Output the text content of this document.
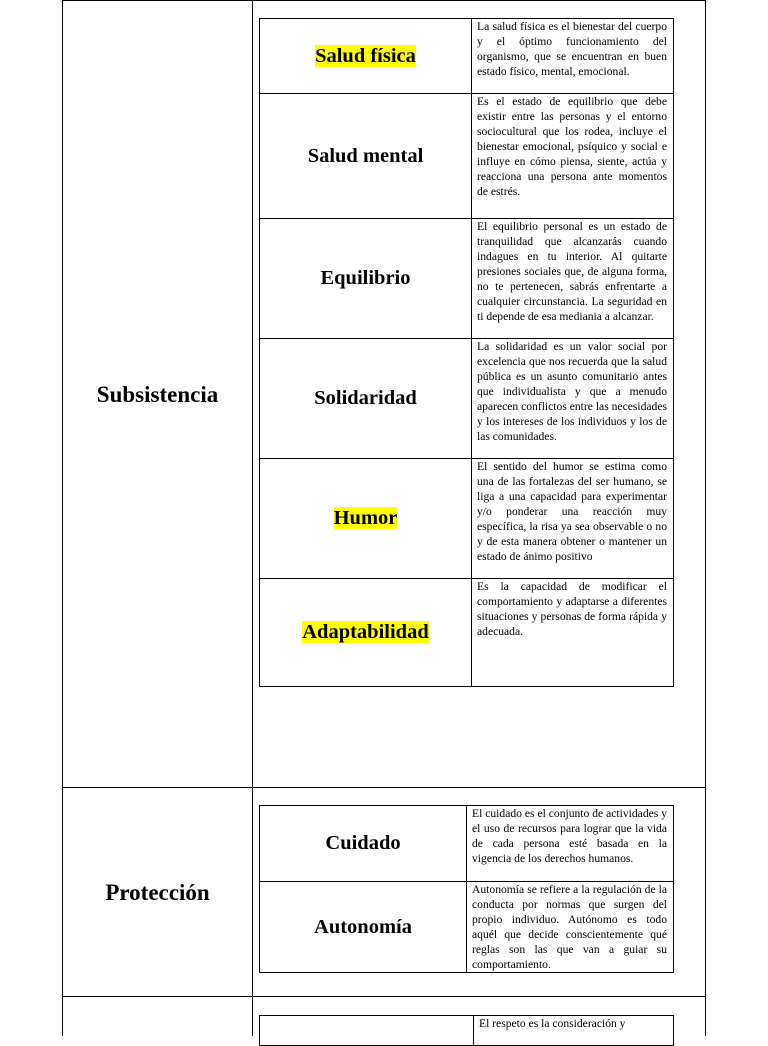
Subsistencia
Salud física	La salud física es el bienestar del cuerpo y el óptimo funcionamiento del organismo, que se encuentran en buen estado físico, mental, emocional.
Salud mental	Es el estado de equilibrio que debe existir entre las personas y el entorno sociocultural que los rodea, incluye el bienestar emocional, psíquico y social e influye en cómo piensa, siente, actúa y reacciona una persona ante momentos de estrés.
Equilibrio	El equilibrio personal es un estado de tranquilidad que alcanzarás cuando indagues en tu interior. Al quitarte presiones sociales que, de alguna forma, no te pertenecen, sabrás enfrentarte a cualquier circunstancia. La seguridad en ti depende de esa mediania a alcanzar.
Solidaridad	La solidaridad es un valor social por excelencia que nos recuerda que la salud pública es un asunto comunitario antes que individualista y que a menudo aparecen conflictos entre las necesidades y los intereses de los individuos y los de las comunidades.
Humor	El sentido del humor se estima como una de las fortalezas del ser humano, se liga a una capacidad para experimentar y/o ponderar una reacción muy específica, la risa ya sea observable o no y de esta manera obtener o mantener un estado de ánimo positivo
Adaptabilidad	Es la capacidad de modificar el comportamiento y adaptarse a diferentes situaciones y personas de forma rápida y adecuada.
Protección
Cuidado	El cuidado es el conjunto de actividades y el uso de recursos para lograr que la vida de cada persona esté basada en la vigencia de los derechos humanos.
Autonomía	Autonomía se refiere a la regulación de la conducta por normas que surgen del propio individuo. Autónomo es todo aquél que decide conscientemente qué reglas son las que van a guiar su comportamiento.
	El respeto es la consideración y
